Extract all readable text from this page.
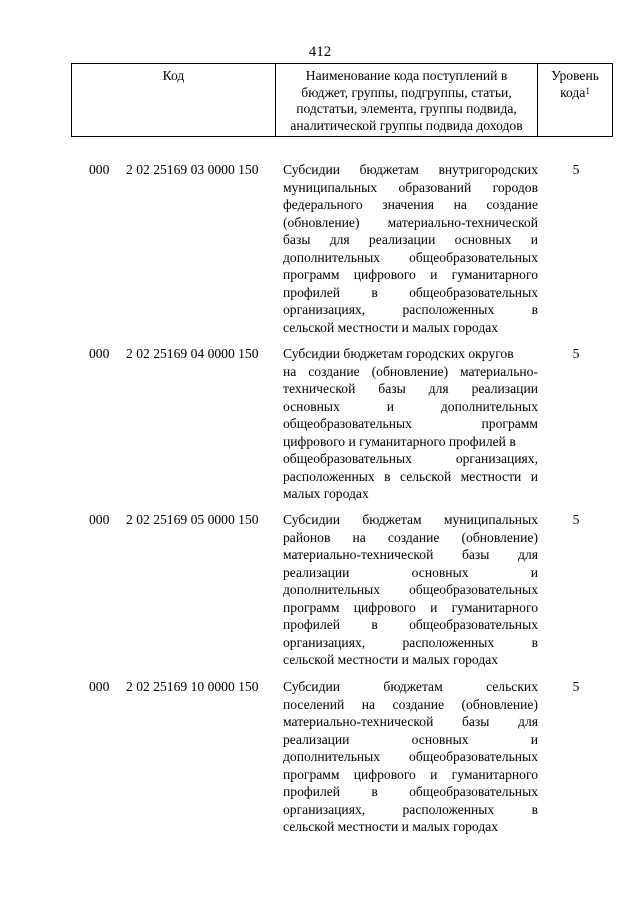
412
Код	Наименование кода поступлений в
бюджет, группы, подгруппы, статьи,
подстатьи, элемента, группы подвида,
аналитической группы подвида доходов
Уровень
кода$^1$
000 2 02 25169 03 0000 150 Субсидии бюджетам внутригородских
муниципальных образований городов
федерального значения на создание
(обновление) материально-технической
базы для реализации основных и
дополнительных общеобразовательных
программ цифрового и гуманитарного
профилей в общеобразовательных
организациях, расположенных в
сельской местности и малых городах
5
000 2 02 25169 04 0000 150 Субсидии бюджетам городских округов
на создание (обновление) материально-
технической базы для реализации
основных и дополнительных
общеобразовательных программ
цифрового и гуманитарного профилей в
общеобразовательных организациях,
расположенных в сельской местности и
малых городах
5
000 2 02 25169 05 0000 150 Субсидии бюджетам муниципальных
районов на создание (обновление)
материально-технической базы для
реализации основных и
дополнительных общеобразовательных
программ цифрового и гуманитарного
профилей в общеобразовательных
организациях, расположенных в
сельской местности и малых городах
5
000 2 02 25169 10 0000 150 Субсидии бюджетам сельских
поселений на создание (обновление)
материально-технической базы для
реализации основных и
дополнительных общеобразовательных
программ цифрового и гуманитарного
профилей в общеобразовательных
организациях, расположенных в
сельской местности и малых городах
5
